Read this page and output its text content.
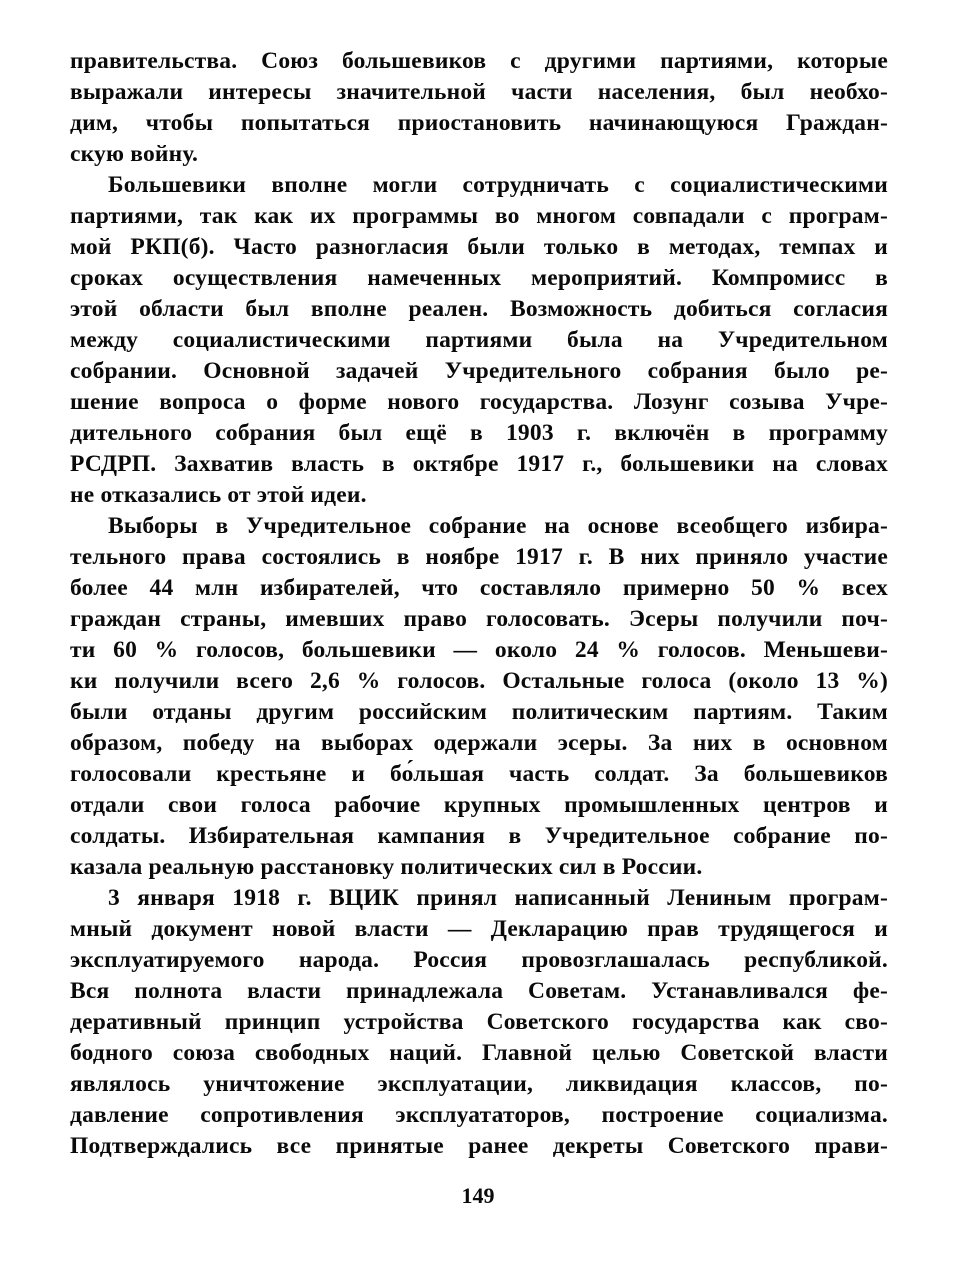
правительства. Союз большевиков с другими партиями, которые
выражали интересы значительной части населения, был необхо-
дим, чтобы попытаться приостановить начинающуюся Граждан-
скую войну.
Большевики вполне могли сотрудничать с социалистическими
партиями, так как их программы во многом совпадали с програм-
мой РКП(б). Часто разногласия были только в методах, темпах и
сроках осуществления намеченных мероприятий. Компромисс в
этой области был вполне реален. Возможность добиться согласия
между социалистическими партиями была на Учредительном
собрании. Основной задачей Учредительного собрания было ре-
шение вопроса о форме нового государства. Лозунг созыва Учре-
дительного собрания был ещё в 1903 г. включён в программу
РСДРП. Захватив власть в октябре 1917 г., большевики на словах
не отказались от этой идеи.
Выборы в Учредительное собрание на основе всеобщего избира-
тельного права состоялись в ноябре 1917 г. В них приняло участие
более 44 млн избирателей, что составляло примерно 50 % всех
граждан страны, имевших право голосовать. Эсеры получили поч-
ти 60 % голосов, большевики — около 24 % голосов. Меньшеви-
ки получили всего 2,6 % голосов. Остальные голоса (около 13 %)
были отданы другим российским политическим партиям. Таким
образом, победу на выборах одержали эсеры. За них в основном
голосовали крестьяне и бо́льшая часть солдат. За большевиков
отдали свои голоса рабочие крупных промышленных центров и
солдаты. Избирательная кампания в Учредительное собрание по-
казала реальную расстановку политических сил в России.
3 января 1918 г. ВЦИК принял написанный Лениным програм-
мный документ новой власти — Декларацию прав трудящегося и
эксплуатируемого народа. Россия провозглашалась республикой.
Вся полнота власти принадлежала Советам. Устанавливался фе-
деративный принцип устройства Советского государства как сво-
бодного союза свободных наций. Главной целью Советской власти
являлось уничтожение эксплуатации, ликвидация классов, по-
давление сопротивления эксплуататоров, построение социализма.
Подтверждались все принятые ранее декреты Советского прави-
149
